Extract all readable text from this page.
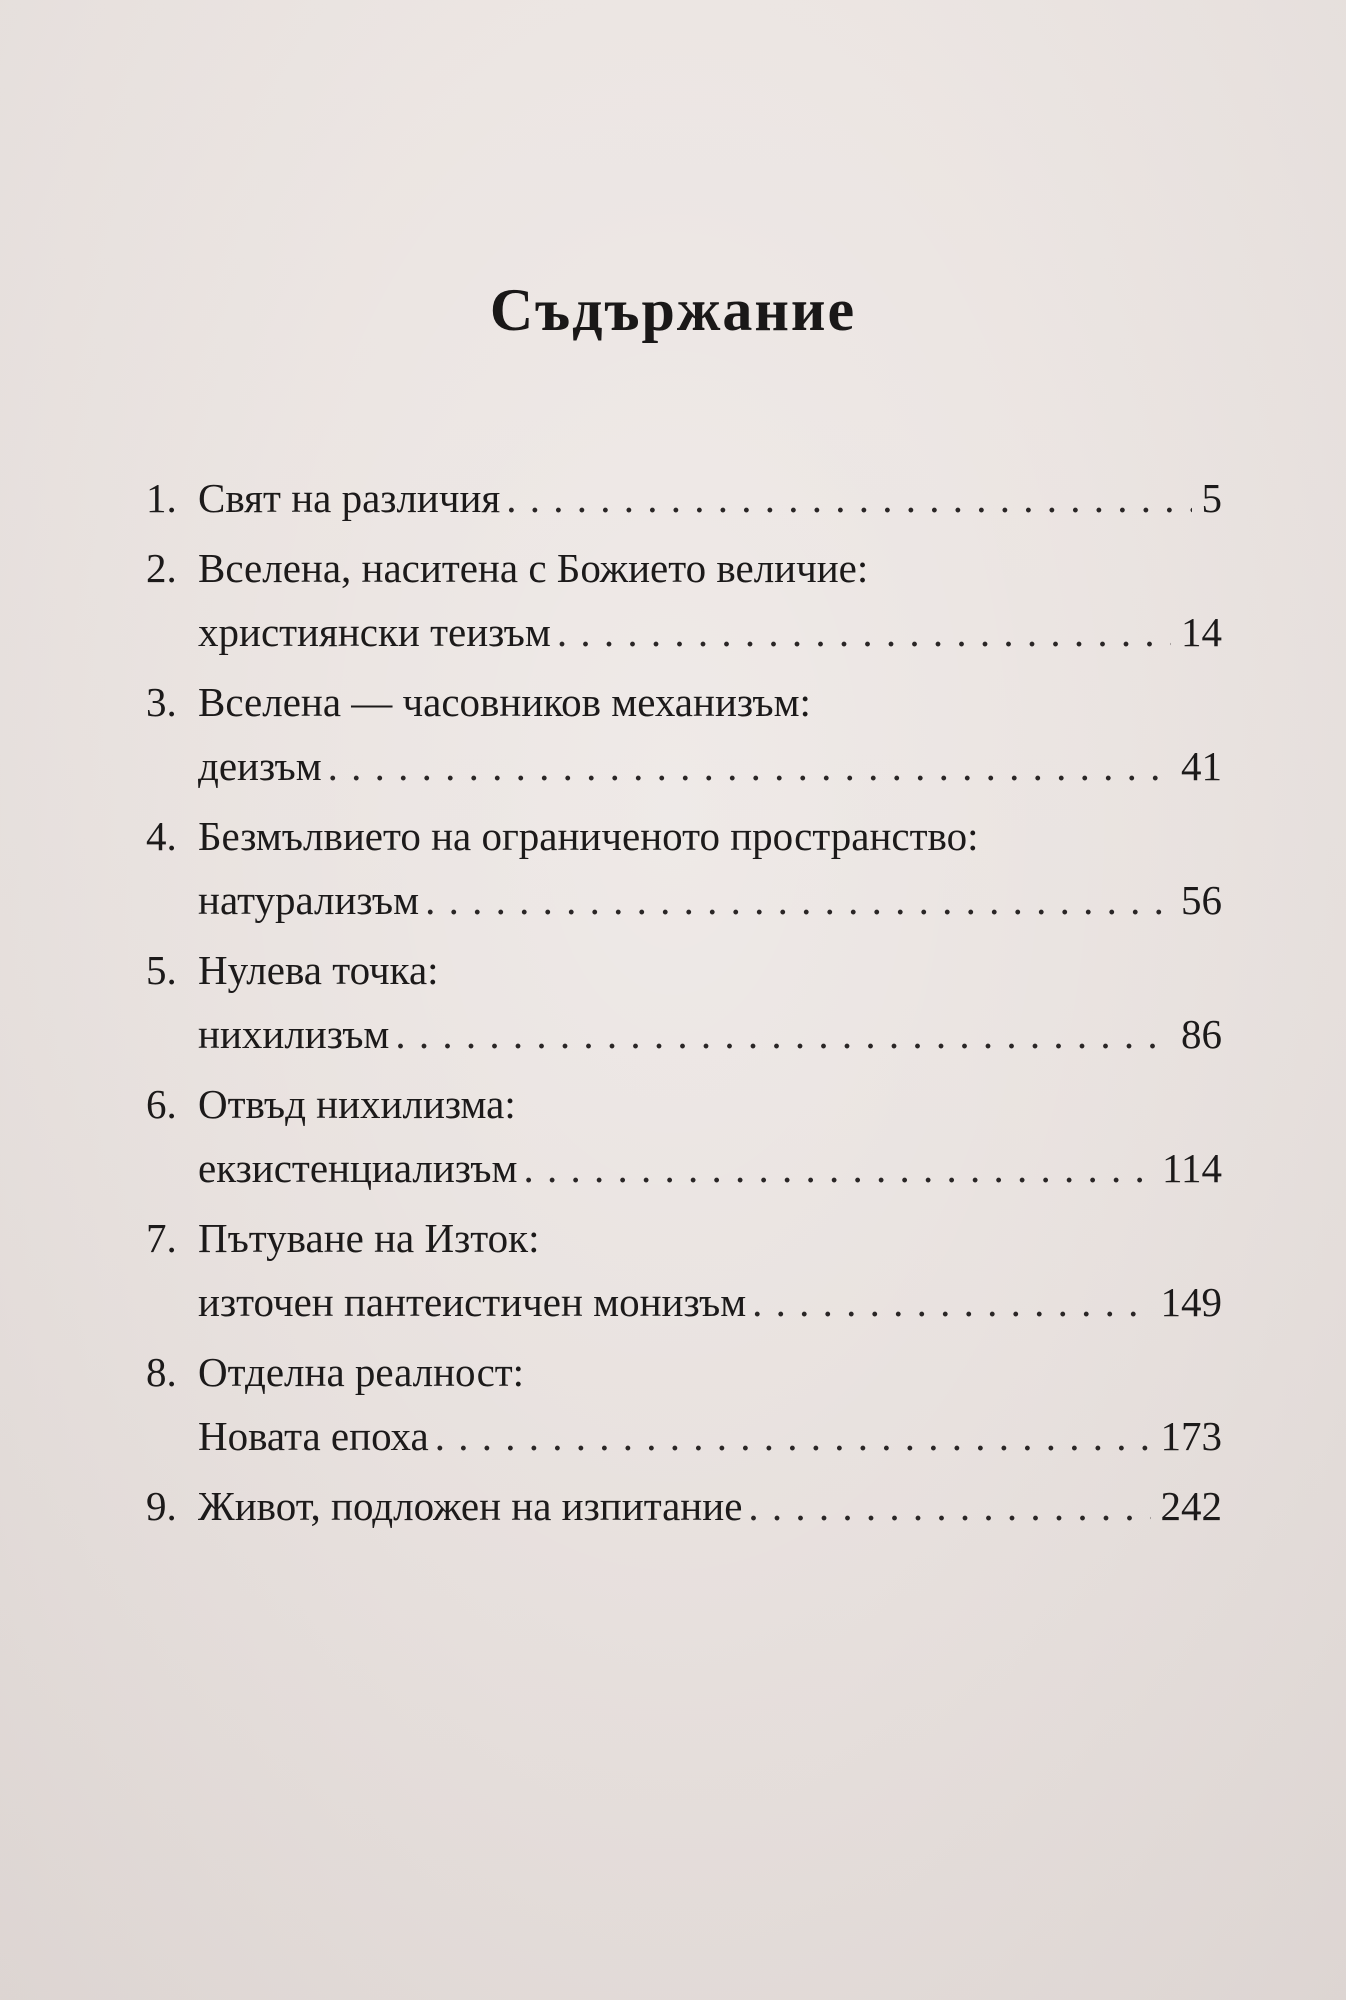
Съдържание
1. Свят на различия . . .	5
2. Вселена, наситена с Божието величие:
християнски теизъм . . .	14
3. Вселена — часовников механизъм:
деизъм . . .	41
4. Безмълвието на ограниченото пространство:
натурализъм . . .	56
5. Нулева точка:
нихилизъм . . .	86
6. Отвъд нихилизма:
екзистенциализъм . . .	114
7. Пътуване на Изток:
източен пантеистичен монизъм . . .	149
8. Отделна реалност:
Новата епоха . . .	173
9. Живот, подложен на изпитание . . .	242
